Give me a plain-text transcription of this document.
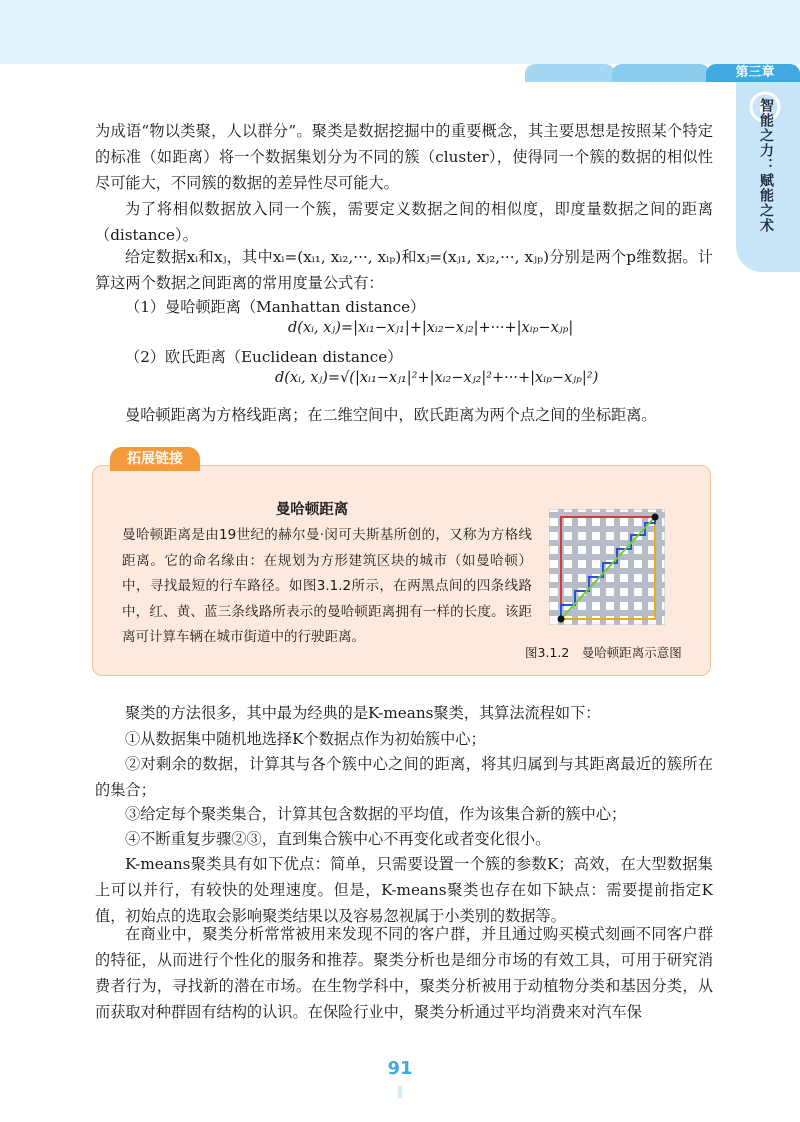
第三章
智能之力：赋能之术

为成语“物以类聚，人以群分”。聚类是数据挖掘中的重要概念，其主要思想是按照某个特定的标准（如距离）将一个数据集划分为不同的簇（cluster），使得同一个簇的数据的相似性尽可能大，不同簇的数据的差异性尽可能大。

为了将相似数据放入同一个簇，需要定义数据之间的相似度，即度量数据之间的距离（distance）。

给定数据xᵢ和xⱼ，其中xᵢ=(xᵢ₁, xᵢ₂,···, xᵢₚ)和xⱼ=(xⱼ₁, xⱼ₂,···, xⱼₚ)分别是两个p维数据。计算这两个数据之间距离的常用度量公式有：

（1）曼哈顿距离（Manhattan distance）

d(xᵢ, xⱼ)=|xᵢ₁−xⱼ₁|+|xᵢ₂−xⱼ₂|+···+|xᵢₚ−xⱼₚ|

（2）欧氏距离（Euclidean distance）

d(xᵢ, xⱼ)=√(|xᵢ₁−xⱼ₁|²+|xᵢ₂−xⱼ₂|²+···+|xᵢₚ−xⱼₚ|²)

曼哈顿距离为方格线距离；在二维空间中，欧氏距离为两个点之间的坐标距离。

拓展链接
曼哈顿距离

曼哈顿距离是由19世纪的赫尔曼·闵可夫斯基所创的，又称为方格线距离。它的命名缘由：在规划为方形建筑区块的城市（如曼哈顿）中，寻找最短的行车路径。如图3.1.2所示，在两黑点间的四条线路中，红、黄、蓝三条线路所表示的曼哈顿距离拥有一样的长度。该距离可计算车辆在城市街道中的行驶距离。

图3.1.2　曼哈顿距离示意图

聚类的方法很多，其中最为经典的是K-means聚类，其算法流程如下：

①从数据集中随机地选择K个数据点作为初始簇中心；

②对剩余的数据，计算其与各个簇中心之间的距离，将其归属到与其距离最近的簇所在的集合；

③给定每个聚类集合，计算其包含数据的平均值，作为该集合新的簇中心；

④不断重复步骤②③，直到集合簇中心不再变化或者变化很小。

K-means聚类具有如下优点：简单，只需要设置一个簇的参数K；高效，在大型数据集上可以并行，有较快的处理速度。但是，K-means聚类也存在如下缺点：需要提前指定K值，初始点的选取会影响聚类结果以及容易忽视属于小类别的数据等。

在商业中，聚类分析常常被用来发现不同的客户群，并且通过购买模式刻画不同客户群的特征，从而进行个性化的服务和推荐。聚类分析也是细分市场的有效工具，可用于研究消费者行为，寻找新的潜在市场。在生物学科中，聚类分析被用于动植物分类和基因分类，从而获取对种群固有结构的认识。在保险行业中，聚类分析通过平均消费来对汽车保

91
